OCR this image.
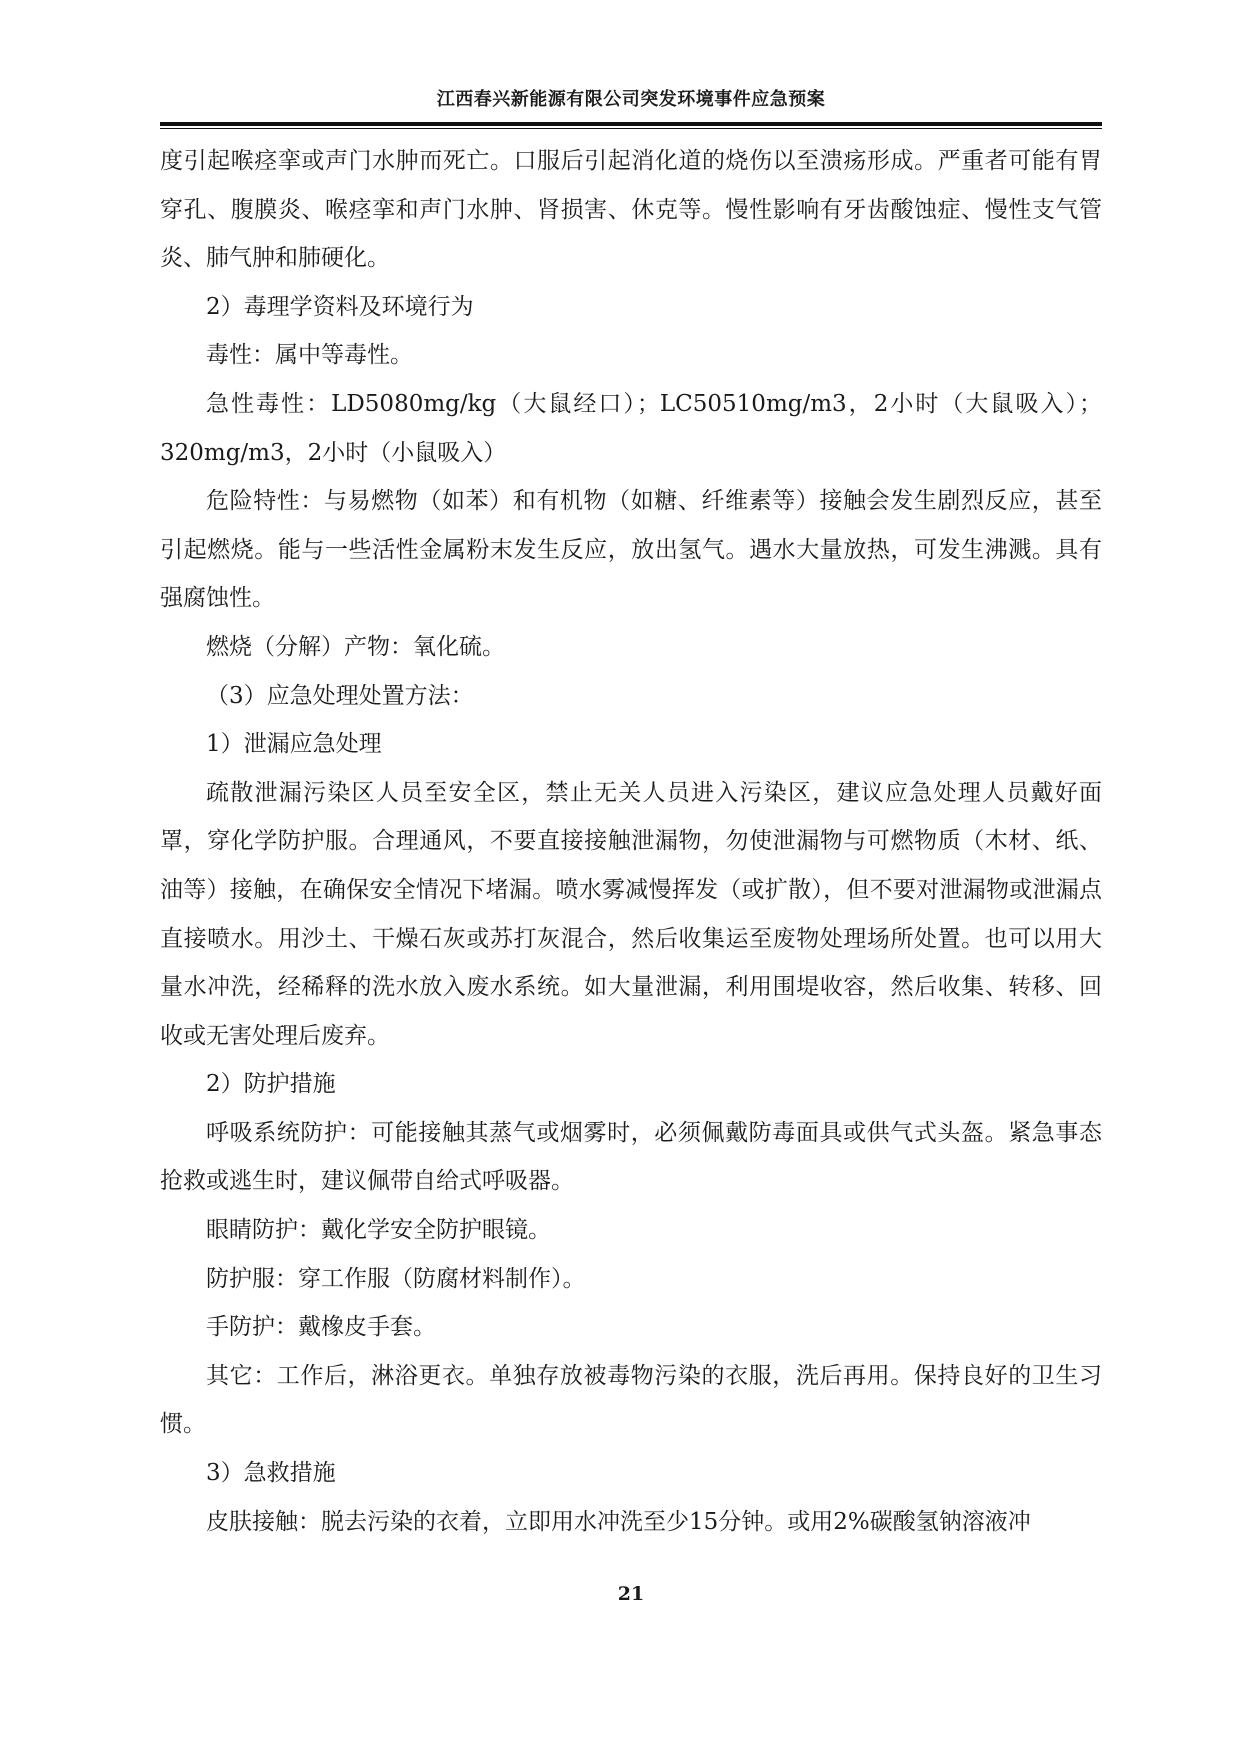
江西春兴新能源有限公司突发环境事件应急预案

度引起喉痉挛或声门水肿而死亡。口服后引起消化道的烧伤以至溃疡形成。严重者可能有胃穿孔、腹膜炎、喉痉挛和声门水肿、肾损害、休克等。慢性影响有牙齿酸蚀症、慢性支气管炎、肺气肿和肺硬化。

2）毒理学资料及环境行为

毒性：属中等毒性。

急性毒性：LD5080mg/kg（大鼠经口）；LC50510mg/m3，2小时（大鼠吸入）；320mg/m3，2小时（小鼠吸入）

危险特性：与易燃物（如苯）和有机物（如糖、纤维素等）接触会发生剧烈反应，甚至引起燃烧。能与一些活性金属粉末发生反应，放出氢气。遇水大量放热，可发生沸溅。具有强腐蚀性。

燃烧（分解）产物：氧化硫。

（3）应急处理处置方法：

1）泄漏应急处理

疏散泄漏污染区人员至安全区，禁止无关人员进入污染区，建议应急处理人员戴好面罩，穿化学防护服。合理通风，不要直接接触泄漏物，勿使泄漏物与可燃物质（木材、纸、油等）接触，在确保安全情况下堵漏。喷水雾减慢挥发（或扩散），但不要对泄漏物或泄漏点直接喷水。用沙土、干燥石灰或苏打灰混合，然后收集运至废物处理场所处置。也可以用大量水冲洗，经稀释的洗水放入废水系统。如大量泄漏，利用围堤收容，然后收集、转移、回收或无害处理后废弃。

2）防护措施

呼吸系统防护：可能接触其蒸气或烟雾时，必须佩戴防毒面具或供气式头盔。紧急事态抢救或逃生时，建议佩带自给式呼吸器。

眼睛防护：戴化学安全防护眼镜。

防护服：穿工作服（防腐材料制作）。

手防护：戴橡皮手套。

其它：工作后，淋浴更衣。单独存放被毒物污染的衣服，洗后再用。保持良好的卫生习惯。

3）急救措施

皮肤接触：脱去污染的衣着，立即用水冲洗至少15分钟。或用2%碳酸氢钠溶液冲

21
